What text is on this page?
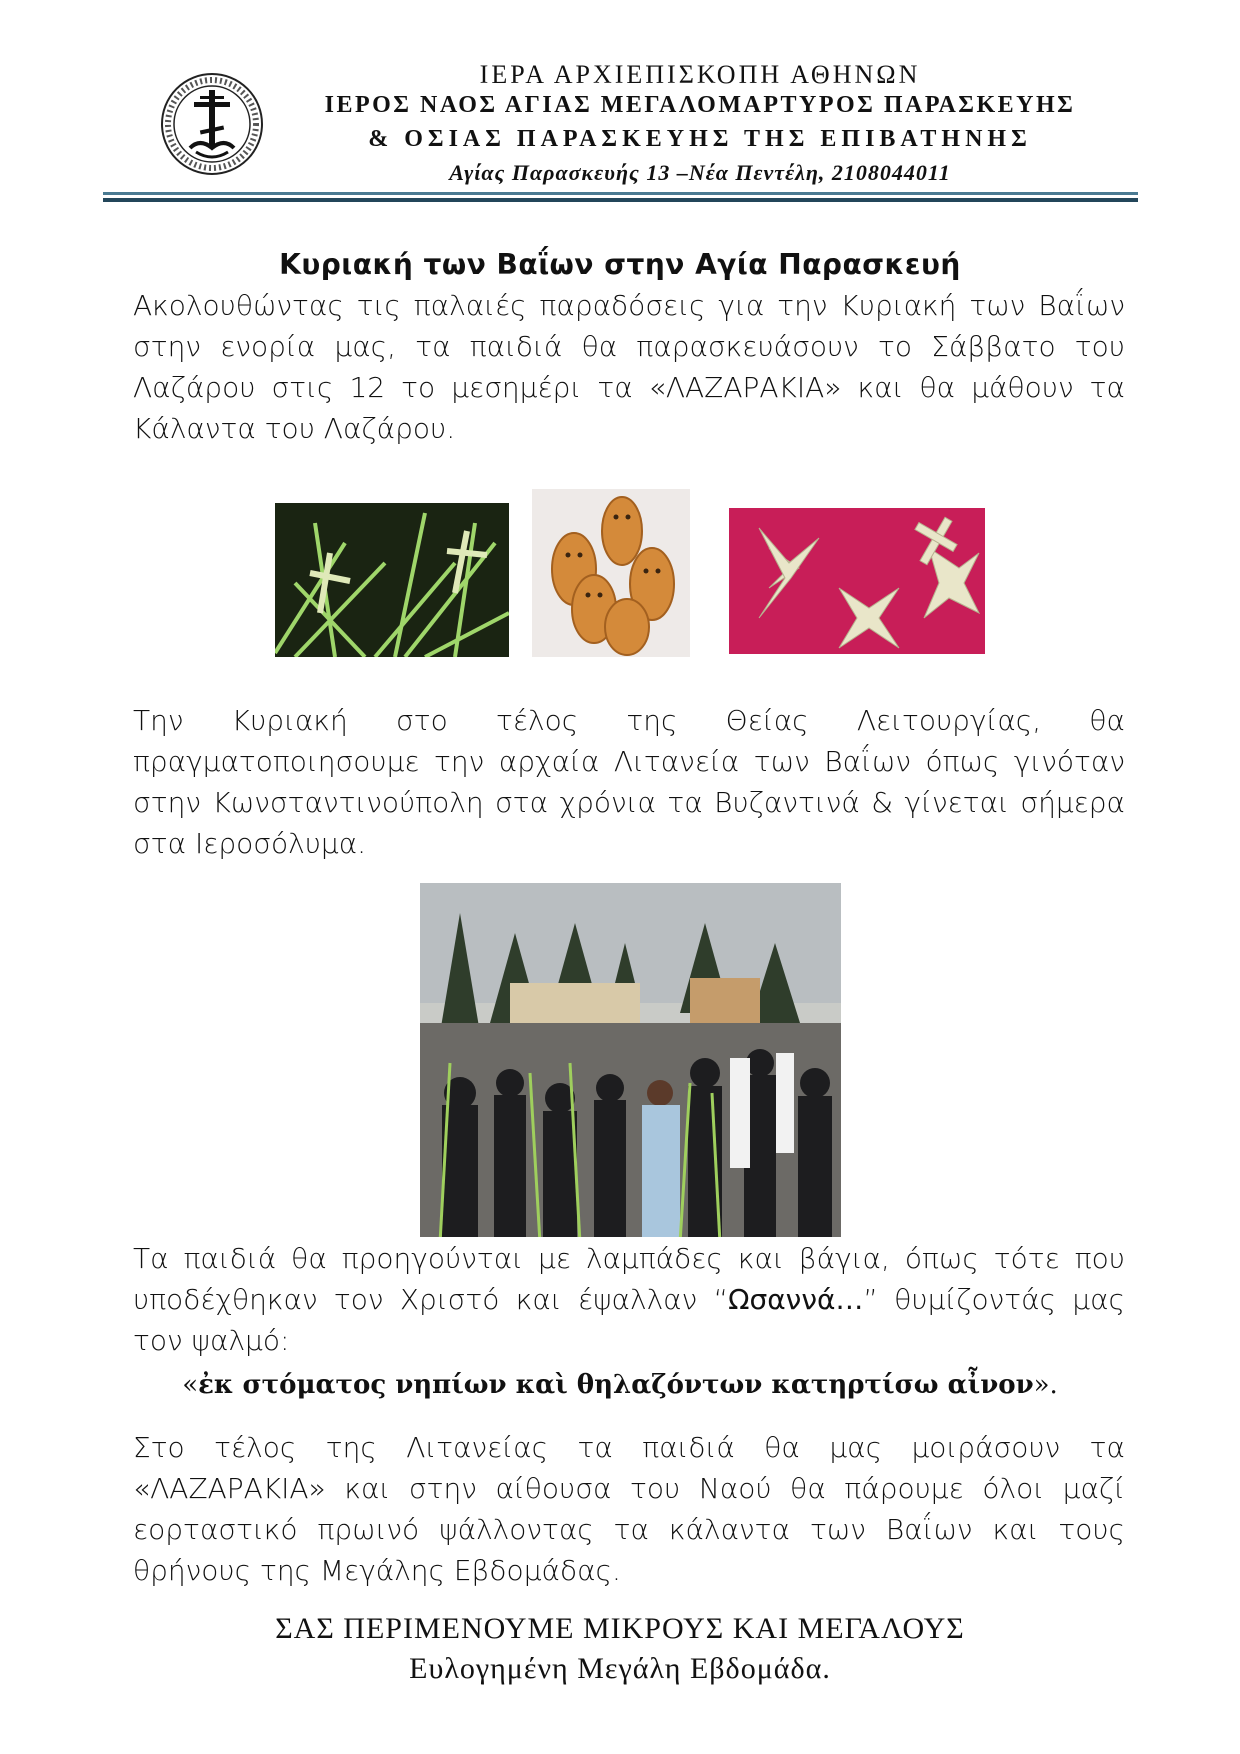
ΙΕΡΑ ΑΡΧΙΕΠΙΣΚΟΠΗ ΑΘΗΝΩΝ
ΙΕΡΟΣ ΝΑΟΣ ΑΓΙΑΣ ΜΕΓΑΛΟΜΑΡΤΥΡΟΣ ΠΑΡΑΣΚΕΥΗΣ
& ΟΣΙΑΣ ΠΑΡΑΣΚΕΥΗΣ ΤΗΣ ΕΠΙΒΑΤΗΝΗΣ
Αγίας Παρασκευής 13 –Νέα Πεντέλη, 2108044011
Κυριακή των Βαΐων στην Αγία Παρασκευή
Ακολουθώντας τις παλαιές παραδόσεις για την Κυριακή των Βαΐων στην ενορία μας, τα παιδιά θα παρασκευάσουν το Σάββατο του Λαζάρου στις 12 το μεσημέρι τα «ΛΑΖΑΡΑΚΙΑ» και θα μάθουν τα Κάλαντα του Λαζάρου.
Την Κυριακή στο τέλος της Θείας Λειτουργίας, θα πραγματοποιησουμε την αρχαία Λιτανεία των Βαΐων όπως γινόταν στην Κωνσταντινούπολη στα χρόνια τα Βυζαντινά & γίνεται σήμερα στα Ιεροσόλυμα.
Τα παιδιά θα προηγούνται με λαμπάδες και βάγια, όπως τότε που υποδέχθηκαν τον Χριστό και έψαλλαν “Ωσαννά…” θυμίζοντάς μας τον ψαλμό:
«ἐκ στόματος νηπίων καὶ θηλαζόντων κατηρτίσω αἶνον».
Στο τέλος της Λιτανείας τα παιδιά θα μας μοιράσουν τα «ΛΑΖΑΡΑΚΙΑ» και στην αίθουσα του Ναού θα πάρουμε όλοι μαζί εορταστικό πρωινό ψάλλοντας τα κάλαντα των Βαΐων και τους θρήνους της Μεγάλης Εβδομάδας.
ΣΑΣ ΠΕΡΙΜΕΝΟΥΜΕ ΜΙΚΡΟΥΣ ΚΑΙ ΜΕΓΑΛΟΥΣ
Ευλογημένη Μεγάλη Εβδομάδα.
